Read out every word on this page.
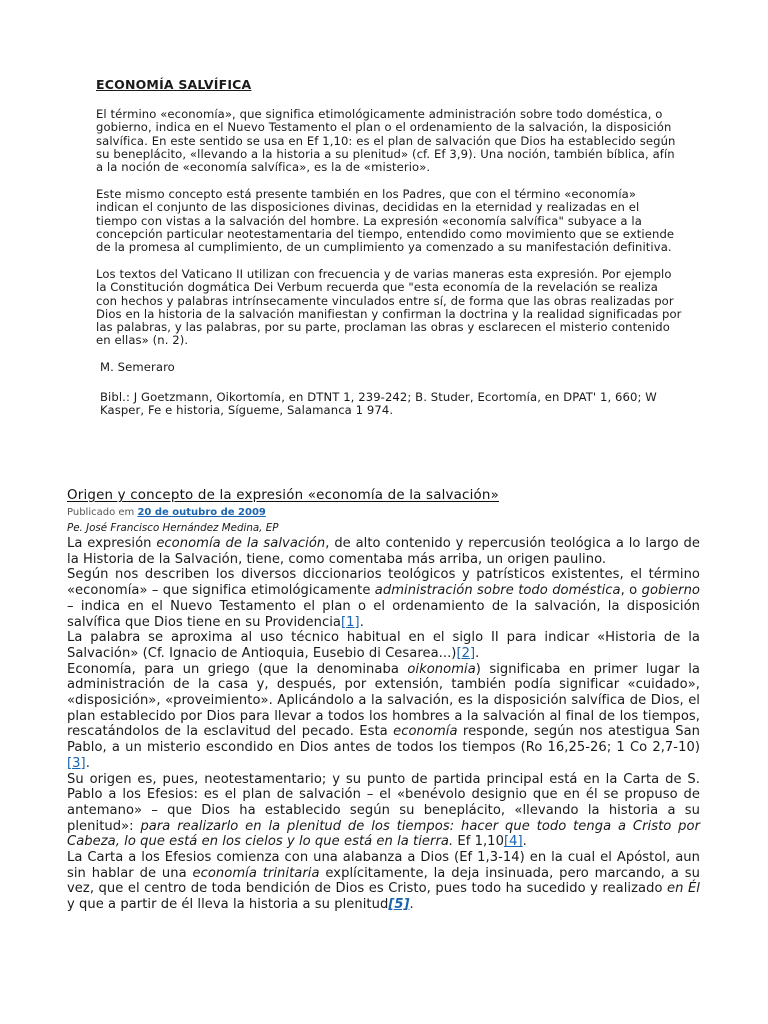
ECONOMÍA SALVÍFICA

El término «economía», que significa etimológicamente administración sobre todo doméstica, o gobierno, indica en el Nuevo Testamento el plan o el ordenamiento de la salvación, la disposición salvífica. En este sentido se usa en Ef 1,10: es el plan de salvación que Dios ha establecido según su beneplácito, «llevando a la historia a su plenitud» (cf. Ef 3,9). Una noción, también bíblica, afín a la noción de «economía salvífica», es la de «misterio».

Este mismo concepto está presente también en los Padres, que con el término «economía» indican el conjunto de las disposiciones divinas, decididas en la eternidad y realizadas en el tiempo con vistas a la salvación del hombre. La expresión «economía salvífica" subyace a la concepción particular neotestamentaria del tiempo, entendido como movimiento que se extiende de la promesa al cumplimiento, de un cumplimiento ya comenzado a su manifestación definitiva.

Los textos del Vaticano II utilizan con frecuencia y de varias maneras esta expresión. Por ejemplo la Constitución dogmática Dei Verbum recuerda que "esta economía de la revelación se realiza con hechos y palabras intrínsecamente vinculados entre sí, de forma que las obras realizadas por Dios en la historia de la salvación manifiestan y confirman la doctrina y la realidad significadas por las palabras, y las palabras, por su parte, proclaman las obras y esclarecen el misterio contenido en ellas» (n. 2).

M. Semeraro

Bibl.: J Goetzmann, Oikortomía, en DTNT 1, 239-242; B. Studer, Ecortomía, en DPAT' 1, 660; W Kasper, Fe e historia, Sígueme, Salamanca 1 974.

Origen y concepto de la expresión «economía de la salvación»
Publicado em 20 de outubro de 2009
Pe. José Francisco Hernández Medina, EP

La expresión economía de la salvación, de alto contenido y repercusión teológica a lo largo de la Historia de la Salvación, tiene, como comentaba más arriba, un origen paulino.

Según nos describen los diversos diccionarios teológicos y patrísticos existentes, el término «economía» – que significa etimológicamente administración sobre todo doméstica, o gobierno – indica en el Nuevo Testamento el plan o el ordenamiento de la salvación, la disposición salvífica que Dios tiene en su Providencia[1].

La palabra se aproxima al uso técnico habitual en el siglo II para indicar «Historia de la Salvación» (Cf. Ignacio de Antioquia, Eusebio di Cesarea...)[2].

Economía, para un griego (que la denominaba oikonomia) significaba en primer lugar la administración de la casa y, después, por extensión, también podía significar «cuidado», «disposición», «proveimiento». Aplicándolo a la salvación, es la disposición salvífica de Dios, el plan establecido por Dios para llevar a todos los hombres a la salvación al final de los tiempos, rescatándolos de la esclavitud del pecado. Esta economía responde, según nos atestigua San Pablo, a un misterio escondido en Dios antes de todos los tiempos (Ro 16,25-26; 1 Co 2,7-10)[3].

Su origen es, pues, neotestamentario; y su punto de partida principal está en la Carta de S. Pablo a los Efesios: es el plan de salvación – el «benévolo designio que en él se propuso de antemano» – que Dios ha establecido según su beneplácito, «llevando la historia a su plenitud»: para realizarlo en la plenitud de los tiempos: hacer que todo tenga a Cristo por Cabeza, lo que está en los cielos y lo que está en la tierra. Ef 1,10[4].

La Carta a los Efesios comienza con una alabanza a Dios (Ef 1,3-14) en la cual el Apóstol, aun sin hablar de una economía trinitaria explícitamente, la deja insinuada, pero marcando, a su vez, que el centro de toda bendición de Dios es Cristo, pues todo ha sucedido y realizado en Él y que a partir de él lleva la historia a su plenitud[5].
